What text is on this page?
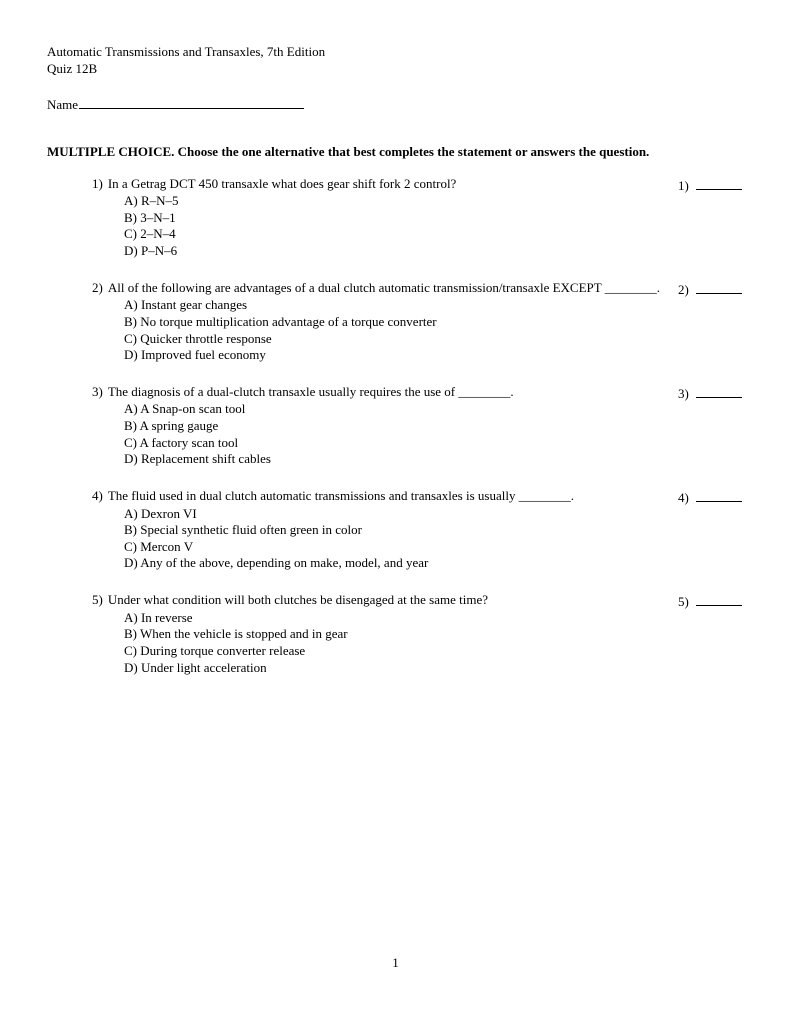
Automatic Transmissions and Transaxles, 7th Edition
Quiz 12B
Name
MULTIPLE CHOICE. Choose the one alternative that best completes the statement or answers the question.
1) In a Getrag DCT 450 transaxle what does gear shift fork 2 control?
A) R–N–5
B) 3–N–1
C) 2–N–4
D) P–N–6
1)
2) All of the following are advantages of a dual clutch automatic transmission/transaxle EXCEPT ________.
A) Instant gear changes
B) No torque multiplication advantage of a torque converter
C) Quicker throttle response
D) Improved fuel economy
2)
3) The diagnosis of a dual-clutch transaxle usually requires the use of ________.
A) A Snap-on scan tool
B) A spring gauge
C) A factory scan tool
D) Replacement shift cables
3)
4) The fluid used in dual clutch automatic transmissions and transaxles is usually ________.
A) Dexron VI
B) Special synthetic fluid often green in color
C) Mercon V
D) Any of the above, depending on make, model, and year
4)
5) Under what condition will both clutches be disengaged at the same time?
A) In reverse
B) When the vehicle is stopped and in gear
C) During torque converter release
D) Under light acceleration
5)
1
